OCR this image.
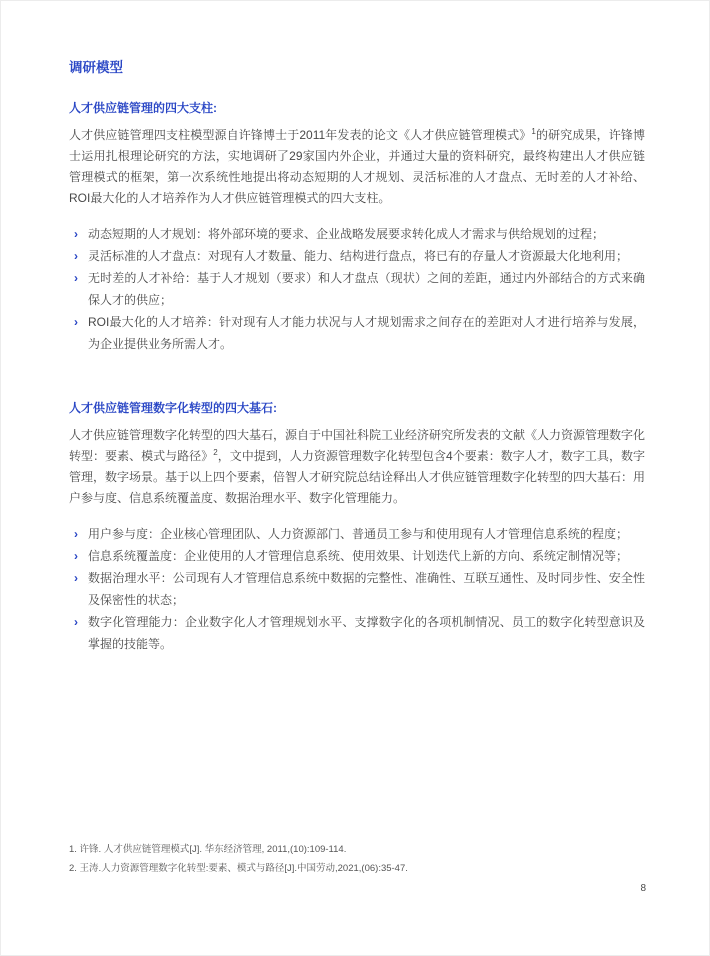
调研模型
人才供应链管理的四大支柱:

人才供应链管理四支柱模型源自许锋博士于2011年发表的论文《人才供应链管理模式》$^1$的研究成果，许锋博士运用扎根理论研究的方法，实地调研了29家国内外企业，并通过大量的资料研究，最终构建出人才供应链管理模式的框架，第一次系统性地提出将动态短期的人才规划、灵活标准的人才盘点、无时差的人才补给、ROI最大化的人才培养作为人才供应链管理模式的四大支柱。

› 动态短期的人才规划：将外部环境的要求、企业战略发展要求转化成人才需求与供给规划的过程；
› 灵活标准的人才盘点：对现有人才数量、能力、结构进行盘点，将已有的存量人才资源最大化地利用；
› 无时差的人才补给：基于人才规划（要求）和人才盘点（现状）之间的差距，通过内外部结合的方式来确保人才的供应；
› ROI最大化的人才培养：针对现有人才能力状况与人才规划需求之间存在的差距对人才进行培养与发展，为企业提供业务所需人才。
人才供应链管理数字化转型的四大基石:

人才供应链管理数字化转型的四大基石，源自于中国社科院工业经济研究所发表的文献《人力资源管理数字化转型：要素、模式与路径》$^2$，文中提到，人力资源管理数字化转型包含4个要素：数字人才，数字工具，数字管理，数字场景。基于以上四个要素，倍智人才研究院总结诠释出人才供应链管理数字化转型的四大基石：用户参与度、信息系统覆盖度、数据治理水平、数字化管理能力。

› 用户参与度：企业核心管理团队、人力资源部门、普通员工参与和使用现有人才管理信息系统的程度；
› 信息系统覆盖度：企业使用的人才管理信息系统、使用效果、计划迭代上新的方向、系统定制情况等；
› 数据治理水平：公司现有人才管理信息系统中数据的完整性、准确性、互联互通性、及时同步性、安全性及保密性的状态；
› 数字化管理能力：企业数字化人才管理规划水平、支撑数字化的各项机制情况、员工的数字化转型意识及掌握的技能等。
1. 许锋. 人才供应链管理模式[J]. 华东经济管理, 2011,(10):109-114.
2. 王涛.人力资源管理数字化转型:要素、模式与路径[J].中国劳动,2021,(06):35-47.
8
